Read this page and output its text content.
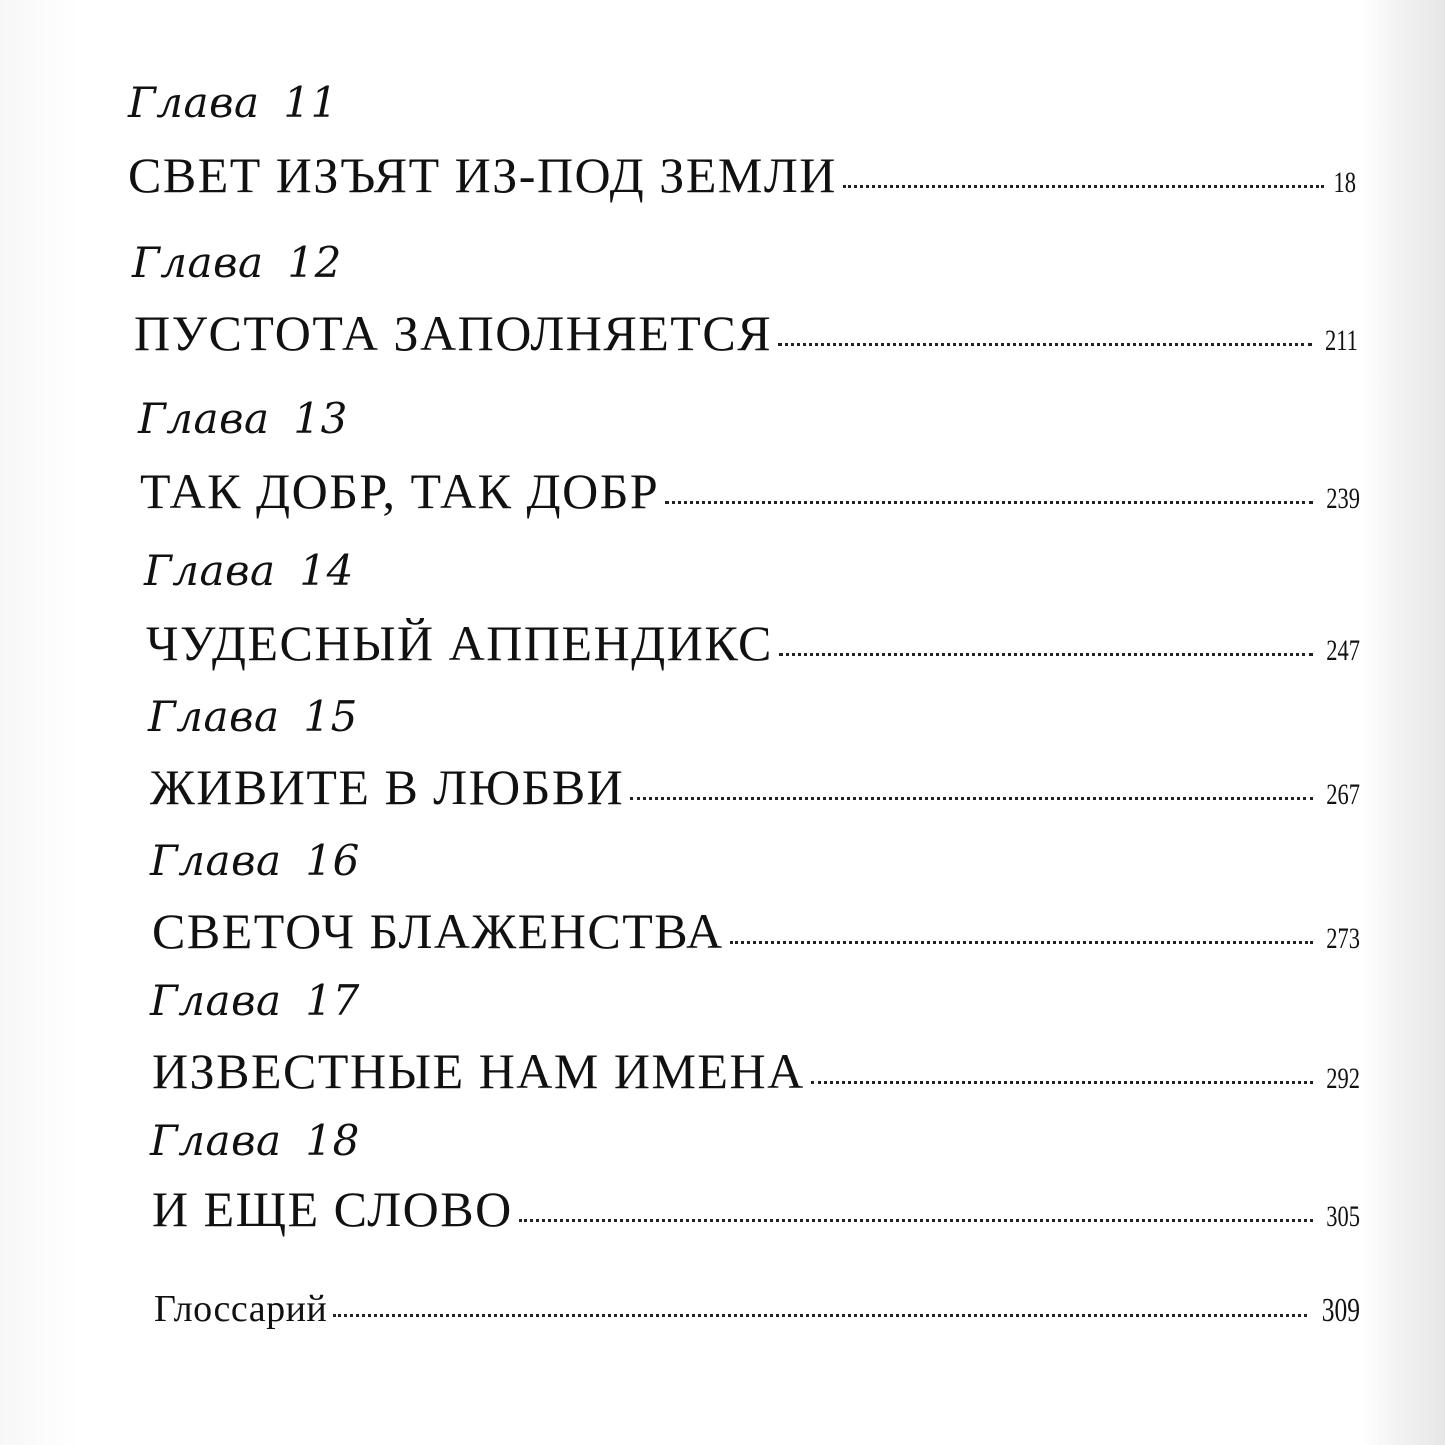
Глава 11
СВЕТ ИЗЪЯТ ИЗ-ПОД ЗЕМЛИ	18
Глава 12
ПУСТОТА ЗАПОЛНЯЕТСЯ	211
Глава 13
ТАК ДОБР, ТАК ДОБР	239
Глава 14
ЧУДЕСНЫЙ АППЕНДИКС	247
Глава 15
ЖИВИТЕ В ЛЮБВИ	267
Глава 16
СВЕТОЧ БЛАЖЕНСТВА	273
Глава 17
ИЗВЕСТНЫЕ НАМ ИМЕНА	292
Глава 18
И ЕЩЕ СЛОВО	305
Глоссарий	309
